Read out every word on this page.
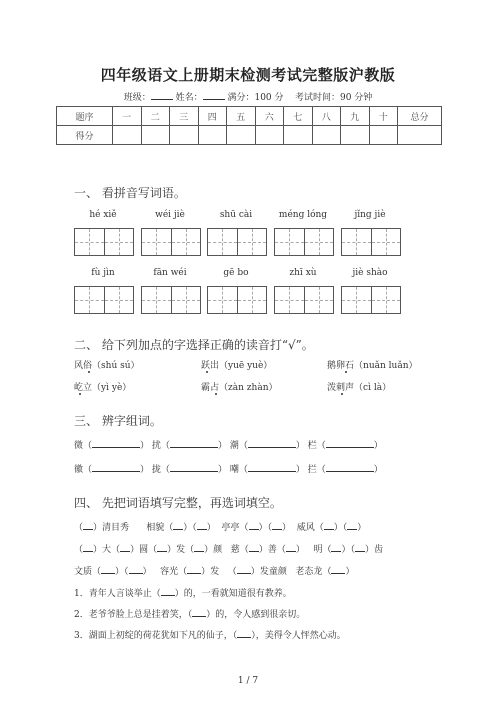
四年级语文上册期末检测考试完整版沪教版
班级：	姓名：	满分：100 分 考试时间：90 分钟
题序	一	二	三	四	五	六	七	八	九	十	总分
得分											
一、 看拼音写词语。
hé xiě	wéi jiè	shū cài	méng lóng	jǐng jiè
fù jìn	fān wéi	gē bo	zhī xù	jiè shào
二、 给下列加点的字选择正确的读音打“√”。
风俗（shú sú）	跃出（yuē yuè）	鹅卵石（nuǎn luǎn）
屹立（yì yè）	霸占（zàn zhàn）	泼刺声（cì là）
三、 辨字组词。
微（	） 扰（	） 潮（	） 栏（	）
徽（	） 拢（	） 嘲（	） 拦（	）
四、 先把词语填写完整，再选词填空。
（ ）清目秀 相貌（ ）（ ）  亭亭（ ）（ ）  威风（ ）（ ）
（ ）大（ ）圆（ ）发（ ）颜 慈（ ）善（ ）   明（ ）（ ）齿
文质（ ）（ ）   容光（ ）发   （ ）发童颜 老态龙（ ）
1．青年人言谈举止（ ）的，一看就知道很有教养。
2．老爷爷脸上总是挂着笑，（ ）的，令人感到很亲切。
3．湖面上初绽的荷花犹如下凡的仙子，（ ），美得令人怦然心动。
1 / 7
